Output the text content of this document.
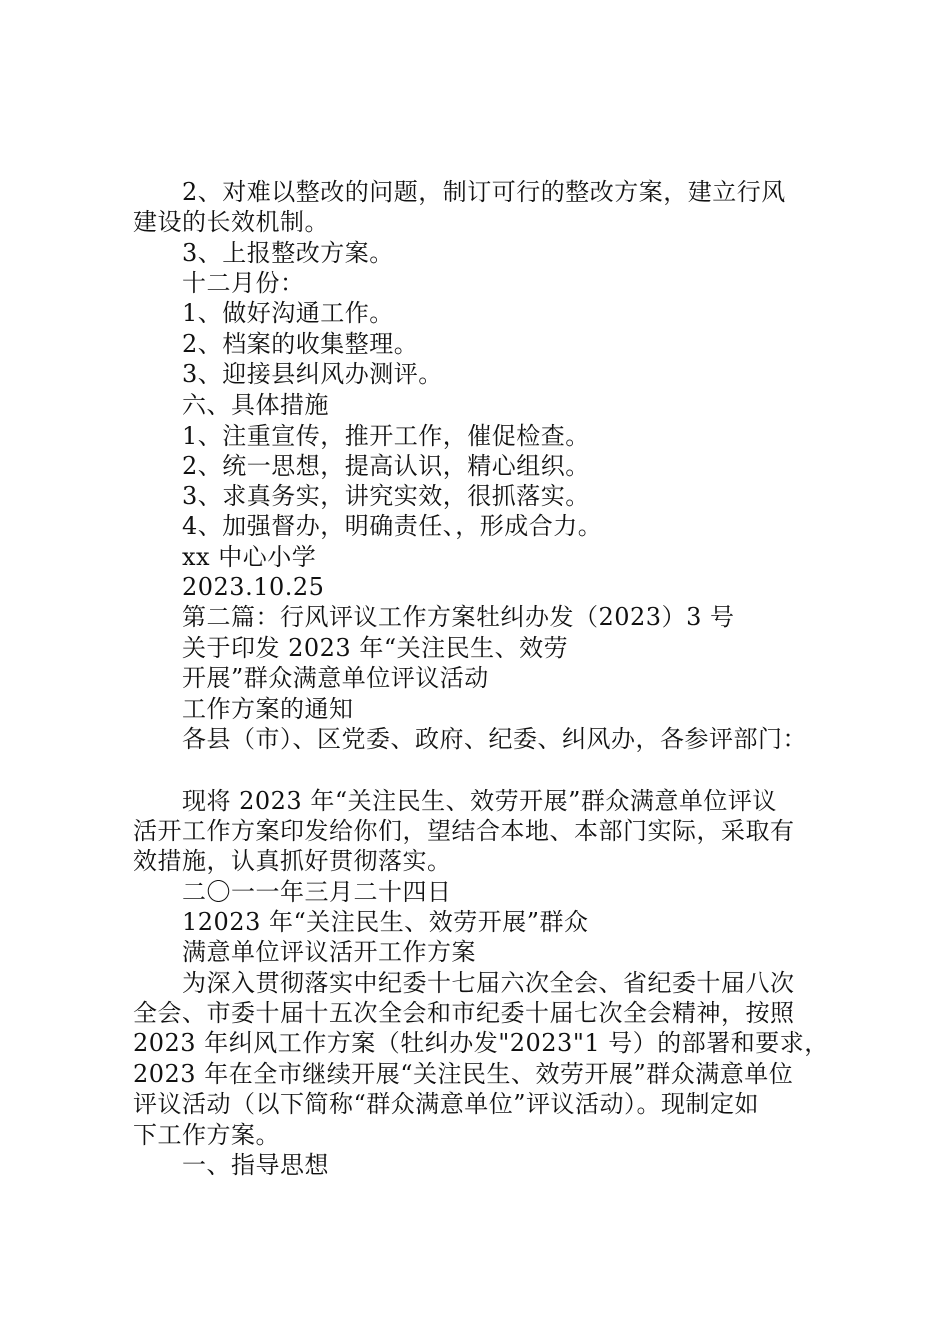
2、对难以整改的问题，制订可行的整改方案，建立行风
建设的长效机制。
3、上报整改方案。
十二月份：
1、做好沟通工作。
2、档案的收集整理。
3、迎接县纠风办测评。
六、具体措施
1、注重宣传，推开工作，催促检查。
2、统一思想，提高认识，精心组织。
3、求真务实，讲究实效，很抓落实。
4、加强督办，明确责任、，形成合力。
xx 中心小学
2023.10.25
第二篇：行风评议工作方案牡纠办发（2023）3 号
关于印发 2023 年“关注民生、效劳
开展”群众满意单位评议活动
工作方案的通知
各县（市）、区党委、政府、纪委、纠风办，各参评部门：
现将 2023 年“关注民生、效劳开展”群众满意单位评议
活开工作方案印发给你们，望结合本地、本部门实际，采取有
效措施，认真抓好贯彻落实。
二〇一一年三月二十四日
12023 年“关注民生、效劳开展”群众
满意单位评议活开工作方案
为深入贯彻落实中纪委十七届六次全会、省纪委十届八次
全会、市委十届十五次全会和市纪委十届七次全会精神，按照
2023 年纠风工作方案（牡纠办发"2023"1 号）的部署和要求，
2023 年在全市继续开展“关注民生、效劳开展”群众满意单位
评议活动（以下简称“群众满意单位”评议活动）。现制定如
下工作方案。
一、指导思想
